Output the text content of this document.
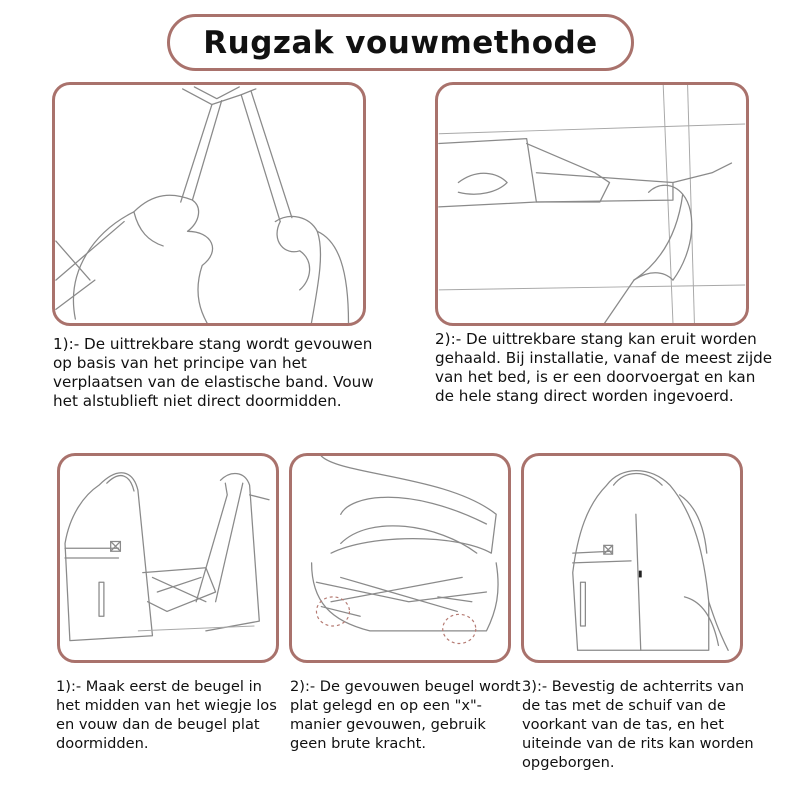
Rugzak vouwmethode
1):- De uittrekbare stang wordt gevouwen op basis van het principe van het verplaatsen van de elastische band. Vouw het alstublieft niet direct doormidden.
2):- De uittrekbare stang kan eruit worden gehaald. Bij installatie, vanaf de meest zijde van het bed, is er een doorvoergat en kan de hele stang direct worden ingevoerd.
1):- Maak eerst de beugel in het midden van het wiegje los en vouw dan de beugel plat doormidden.
2):- De gevouwen beugel wordt plat gelegd en op een "x"-manier gevouwen, gebruik geen brute kracht.
3):- Bevestig de achterrits van de tas met de schuif van de voorkant van de tas, en het uiteinde van de rits kan worden opgeborgen.
